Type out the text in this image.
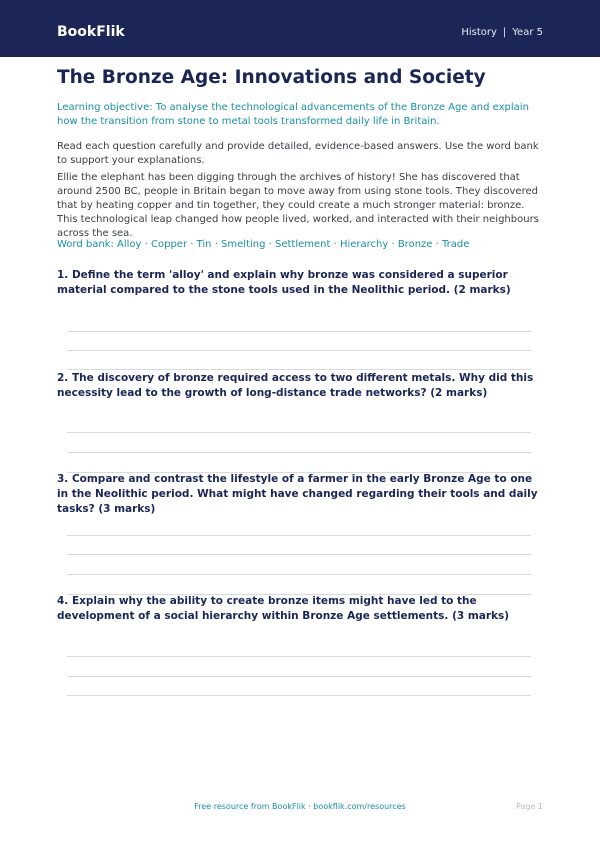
BookFlik	History | Year 5
The Bronze Age: Innovations and Society

Learning objective: To analyse the technological advancements of the Bronze Age and explain how the transition from stone to metal tools transformed daily life in Britain.

Read each question carefully and provide detailed, evidence-based answers. Use the word bank to support your explanations.

Ellie the elephant has been digging through the archives of history! She has discovered that around 2500 BC, people in Britain began to move away from using stone tools. They discovered that by heating copper and tin together, they could create a much stronger material: bronze. This technological leap changed how people lived, worked, and interacted with their neighbours across the sea.

Word bank: Alloy · Copper · Tin · Smelting · Settlement · Hierarchy · Bronze · Trade

1. Define the term 'alloy' and explain why bronze was considered a superior material compared to the stone tools used in the Neolithic period. (2 marks)

2. The discovery of bronze required access to two different metals. Why did this necessity lead to the growth of long-distance trade networks? (2 marks)

3. Compare and contrast the lifestyle of a farmer in the early Bronze Age to one in the Neolithic period. What might have changed regarding their tools and daily tasks? (3 marks)

4. Explain why the ability to create bronze items might have led to the development of a social hierarchy within Bronze Age settlements. (3 marks)

Free resource from BookFlik · bookflik.com/resources	Page 1
